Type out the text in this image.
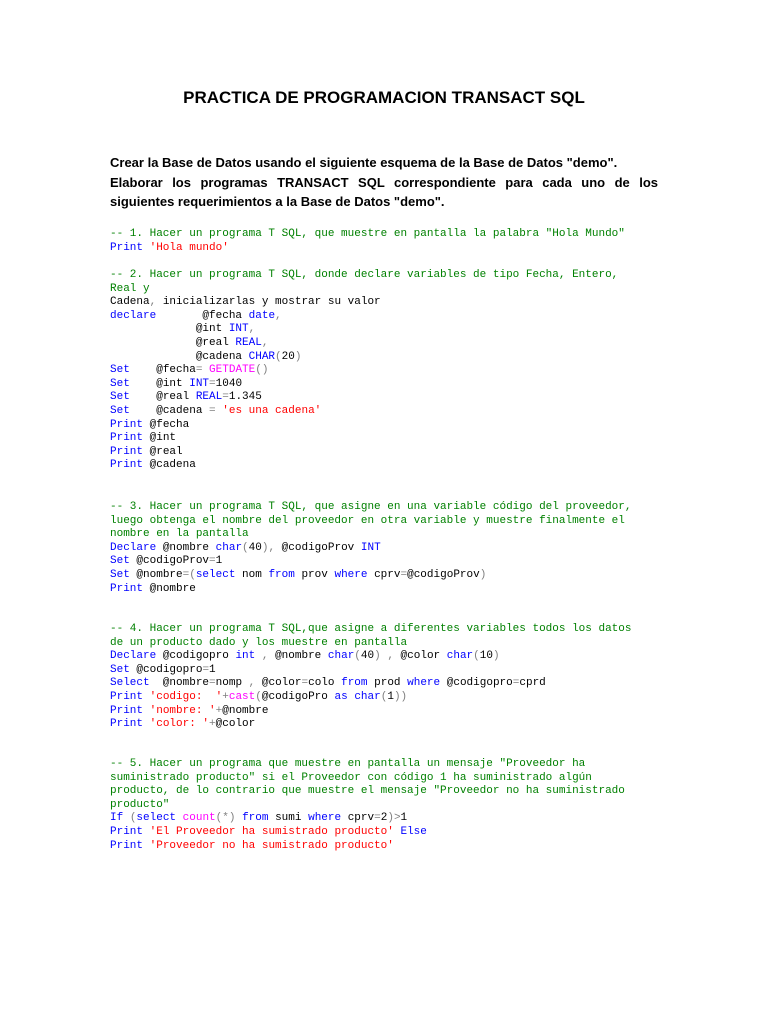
PRACTICA DE PROGRAMACION TRANSACT SQL

Crear la Base de Datos usando el siguiente esquema de la Base de Datos "demo".

Elaborar los programas TRANSACT SQL correspondiente para cada uno de los siguientes requerimientos a la Base de Datos "demo".

-- 1. Hacer un programa T SQL, que muestre en pantalla la palabra "Hola Mundo"
Print 'Hola mundo'
-- 2. Hacer un programa T SQL, donde declare variables de tipo Fecha, Entero,
Real y
Cadena, inicializarlas y mostrar su valor
declare       @fecha date,
@int INT,
@real REAL,
@cadena CHAR(20)
Set    @fecha= GETDATE()
Set    @int INT=1040
Set    @real REAL=1.345
Set    @cadena = 'es una cadena'
Print @fecha
Print @int
Print @real
Print @cadena
-- 3. Hacer un programa T SQL, que asigne en una variable código del proveedor,
luego obtenga el nombre del proveedor en otra variable y muestre finalmente el
nombre en la pantalla
Declare @nombre char(40), @codigoProv INT
Set @codigoProv=1
Set @nombre=(select nom from prov where cprv=@codigoProv)
Print @nombre
-- 4. Hacer un programa T SQL,que asigne a diferentes variables todos los datos
de un producto dado y los muestre en pantalla
Declare @codigopro int , @nombre char(40) , @color char(10)
Set @codigopro=1
Select  @nombre=nomp , @color=colo from prod where @codigopro=cprd
Print 'codigo:  '+cast(@codigoPro as char(1))
Print 'nombre: '+@nombre
Print 'color: '+@color
-- 5. Hacer un programa que muestre en pantalla un mensaje "Proveedor ha
suministrado producto" si el Proveedor con código 1 ha suministrado algún
producto, de lo contrario que muestre el mensaje "Proveedor no ha suministrado
producto"
If (select count(*) from sumi where cprv=2)>1
Print 'El Proveedor ha sumistrado producto' Else
Print 'Proveedor no ha sumistrado producto'
